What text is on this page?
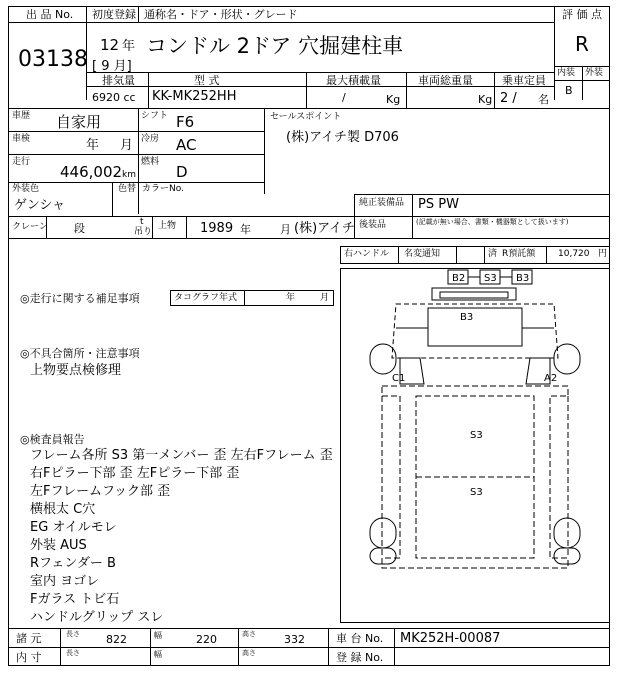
出 品 No.
03138
初度登録 通称名・ドア・形状・グレード
12 年
[ 9 月]
コンドル 2ドア 穴掘建柱車
評 価 点
R
内装 外装
B
排気量	型 式	最大積載量	車両総重量	乗車定員
6920 cc KK-MK252HH	/	Kg	Kg 2 / 名
車歴 自家用	シフト F6
車検	年 月 冷房 AC
走行
446,002 km
燃料
D
外装色
ゲンシャ
色替 カラーNo.
セールスポイント
(株)アイチ製 D706
純正装備品 PS PW
後装品	(記載が無い場合、書類・機器類として扱います)
クレーン 段	t
吊り
上物 1989 年	月 (株)アイチ
右ハンドル 名変通知	済 R預託額	10,720 円
◎走行に関する補足事項	タコグラフ年式	年	月
◎不具合箇所・注意事項
上物要点検修理
◎検査員報告
フレーム各所 S3 第一メンバー 歪 左右Fフレーム 歪
右Fピラー下部 歪 左Fピラー下部 歪
左Fフレームフック部 歪
横根太 C穴
EG オイルモレ
外装 AUS
Rフェンダー B
室内 ヨゴレ
Fガラス トビ石
ハンドルグリップ スレ
B2 S3 B3
B3
C1	A2
S3
S3
諸 元	長さ 822	幅	220	高さ	332	車 台 No. MK252H-00087
内 寸	長さ	幅	高さ	登 録 No.
